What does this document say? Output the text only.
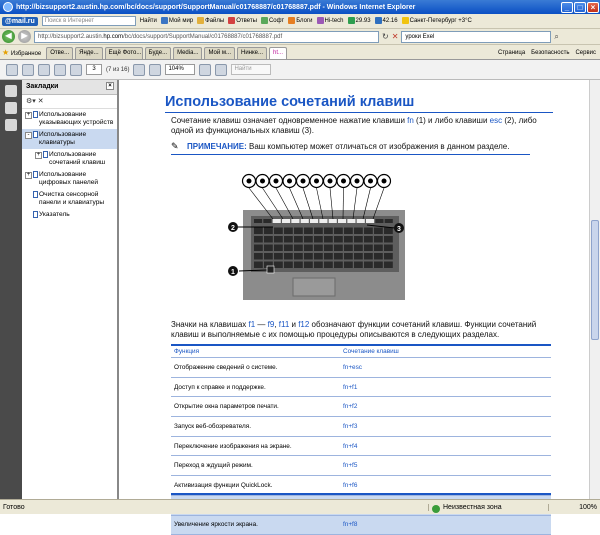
http://bizsupport2.austin.hp.com/bc/docs/support/SupportManual/c01768887/c01768887.pdf - Windows Internet Explorer	_	□	×
@mail.ru	Поиск в Интернет	Найти	Мой мир	Файлы	Ответы	Софт	Блоги	Hi-tech	29.93	42.16	Санкт-Петербург +3°С
◀	▶	http://bizsupport2.austin.hp.com/bc/docs/support/SupportManual/c01768887/c01768887.pdf	↻ ✕	уроки Exel	⌕
★ Избранное	Отве...	Янде...	Ещё Фото...	Буде...	Media...	Мой м...	Нинке...	ht...	Страница Безопасность Сервис
3	(7 из 16)	104%	Найти
Закладки	×
⚙▾ ✕
+ Использование указывающих устройств
-	Использование клавиатуры
+ Использование сочетаний клавиш
+ Использование цифровых панелей
Очистка сенсорной панели и клавиатуры
Указатель
Использование сочетаний клавиш
Сочетание клавиш означает одновременное нажатие клавиши fn (1) и либо клавиши esc (2), либо одной из функциональных клавиш (3).
✎	ПРИМЕЧАНИЕ: Ваш компьютер может отличаться от изображения в данном разделе.
2	3
1
Значки на клавишах f1 — f9, f11 и f12 обозначают функции сочетаний клавиш. Функции сочетаний клавиш и выполняемые с их помощью процедуры описываются в следующих разделах.
Функция	Сочетание клавиш
Отображение сведений о системе.	fn+esc
Доступ к справке и поддержке.	fn+f1
Открытие окна параметров печати.	fn+f2
Запуск веб-обозревателя.	fn+f3
Переключение изображения на экране.	fn+f4
Переход в ждущий режим.	fn+f5
Активизация функции QuickLock.	fn+f6
Увеличение яркости экрана.	fn+f8
Готово	Неизвестная зона	100%
